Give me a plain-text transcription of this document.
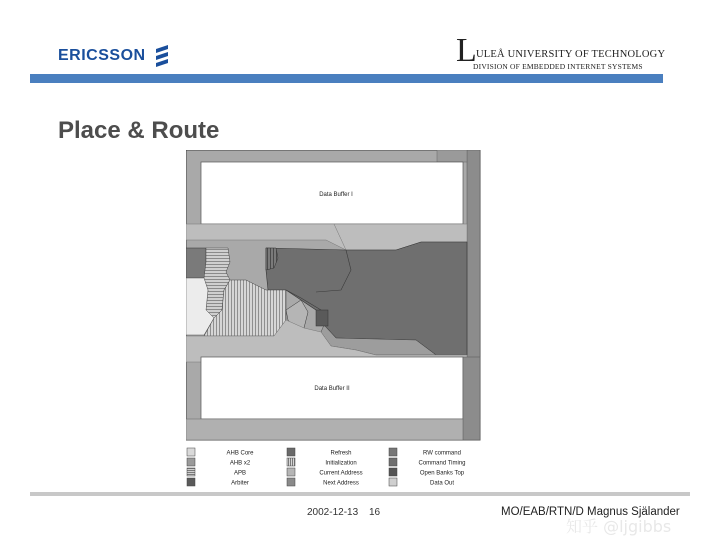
ERICSSON	L ULEÅ UNIVERSITY OF TECHNOLOGY
DIVISION OF EMBEDDED INTERNET SYSTEMS
Place & Route
Data Buffer I
Data Buffer II
AHB Core
AHB x2
APB
Arbiter
Refresh
Initialization
Current Address
Next Address
RW command
Command Timing
Open Banks Top
Data Out
2002-12-13 16	MO/EAB/RTN/D Magnus Själander
知乎 @ljgibbs
